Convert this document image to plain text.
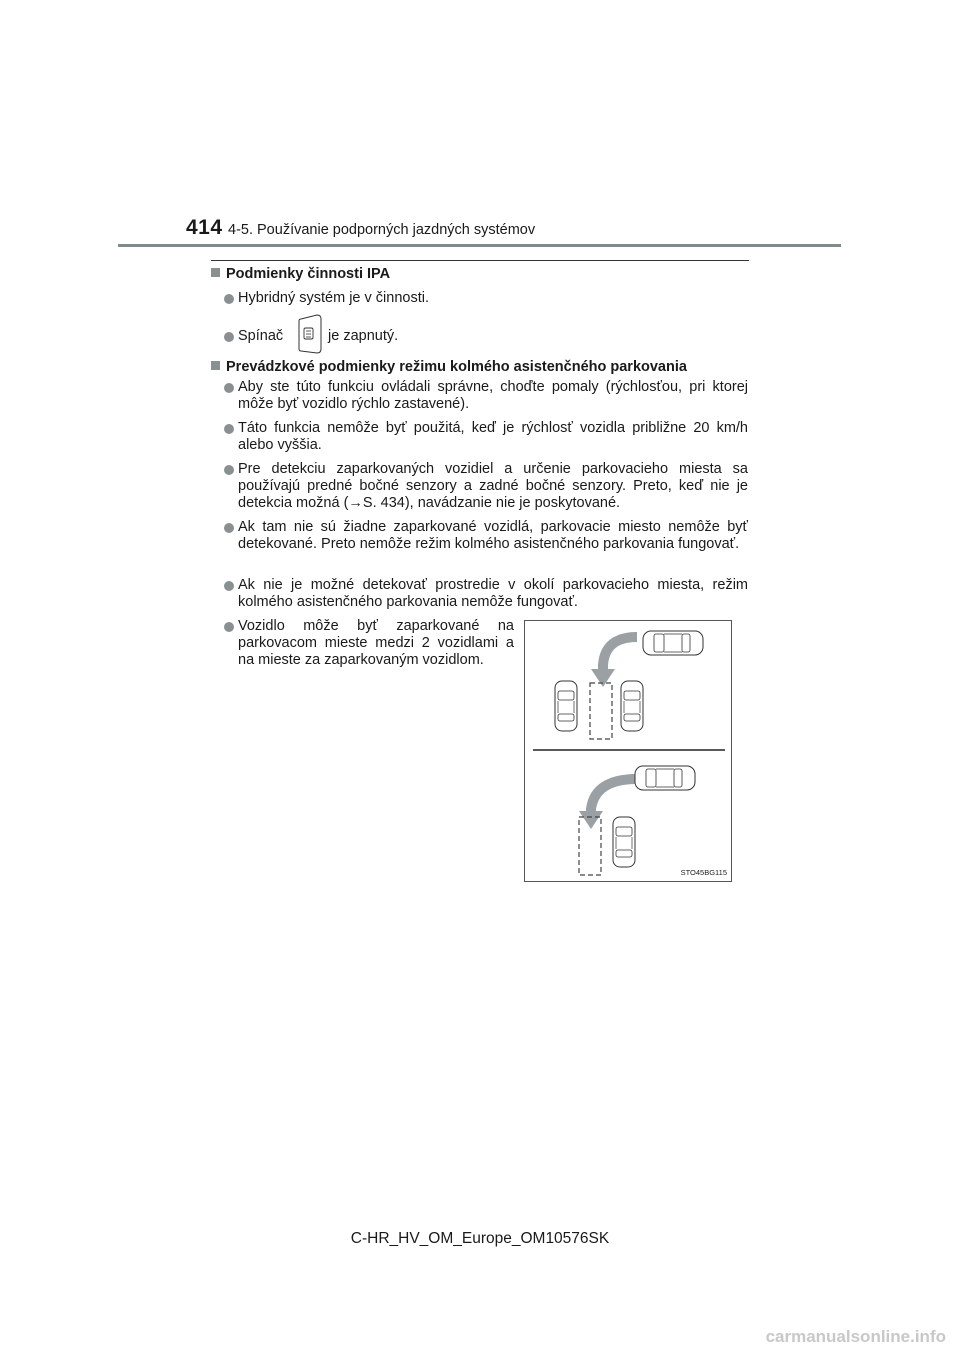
414 4-5. Používanie podporných jazdných systémov
Podmienky činnosti IPA
Hybridný systém je v činnosti.
Spínač	je zapnutý.
Prevádzkové podmienky režimu kolmého asistenčného parkovania
Aby ste túto funkciu ovládali správne, choďte pomaly (rýchlosťou, pri ktorej môže byť vozidlo rýchlo zastavené).
Táto funkcia nemôže byť použitá, keď je rýchlosť vozidla približne 20 km/h alebo vyššia.
Pre detekciu zaparkovaných vozidiel a určenie parkovacieho miesta sa používajú predné bočné senzory a zadné bočné senzory. Preto, keď nie je detekcia možná (→S. 434), navádzanie nie je poskytované.
Ak tam nie sú žiadne zaparkované vozidlá, parkovacie miesto nemôže byť detekované. Preto nemôže režim kolmého asistenčného parkovania fungovať.
Ak nie je možné detekovať prostredie v okolí parkovacieho miesta, režim kolmého asistenčného parkovania nemôže fungovať.
Vozidlo môže byť zaparkované na parkovacom mieste medzi 2 vozidlami a na mieste za zaparkovaným vozidlom.
STO45BG115
C-HR_HV_OM_Europe_OM10576SK
carmanualsonline.info
